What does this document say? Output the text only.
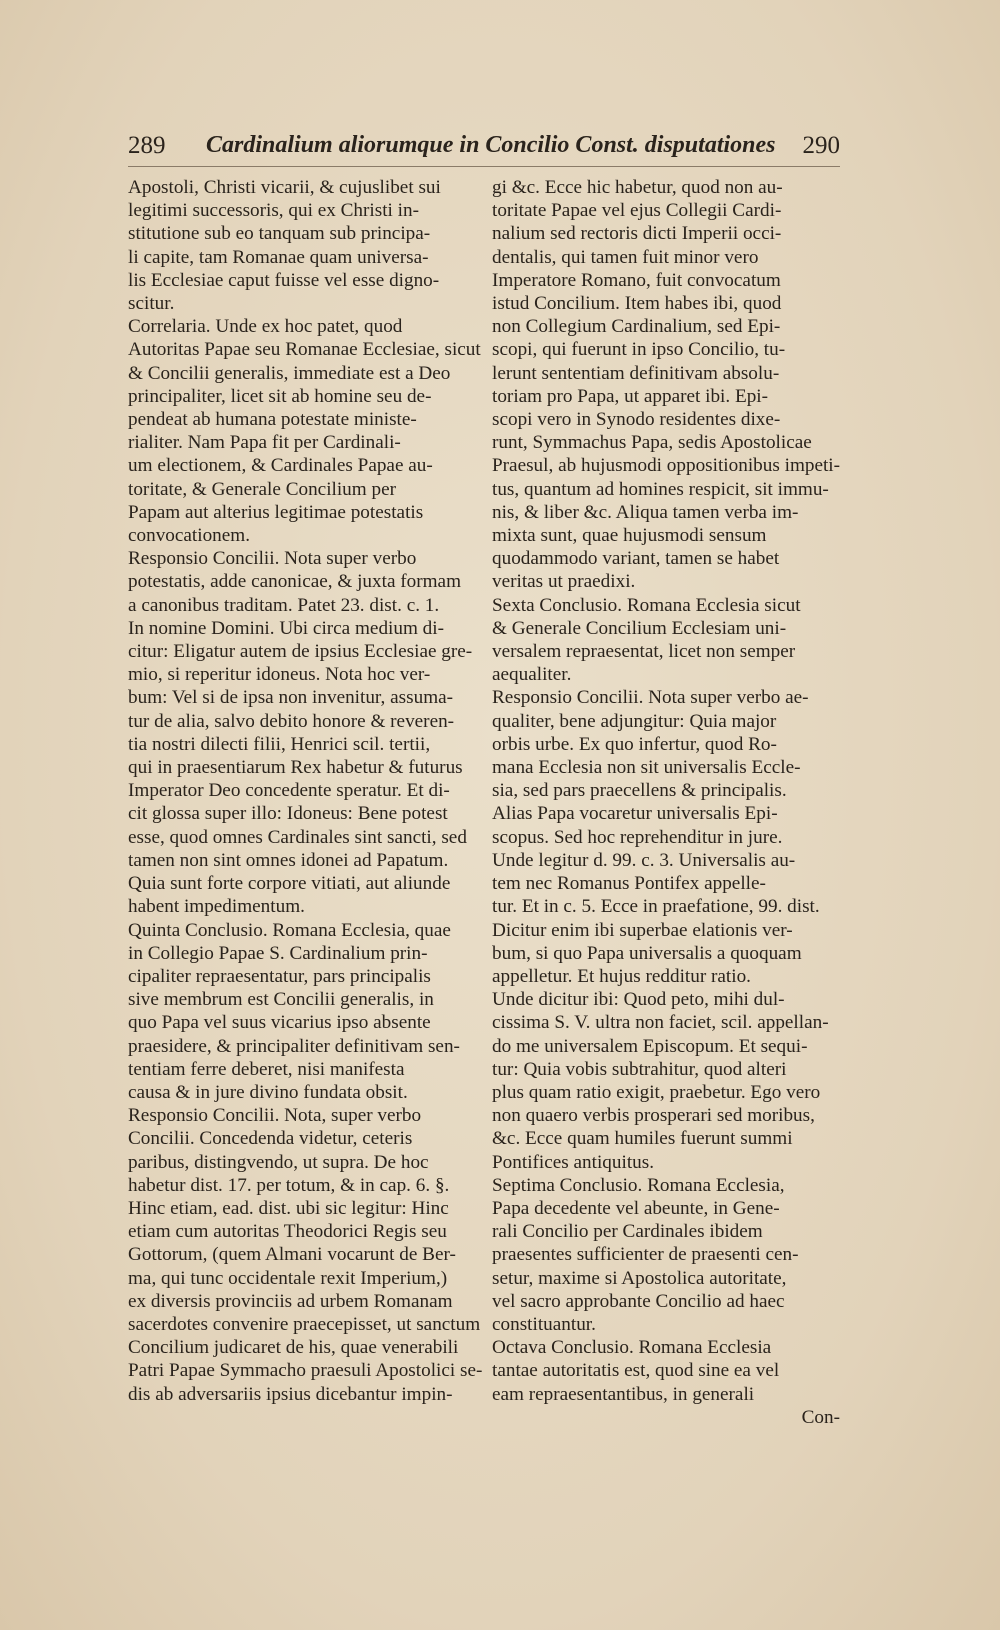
289 Cardinalium aliorumque in Concilio Const. disputationes 290

Apostoli, Christi vicarii, & cujuslibet sui

legitimi successoris, qui ex Christi in-

stitutione sub eo tanquam sub principa-

li capite, tam Romanae quam universa-

lis Ecclesiae caput fuisse vel esse digno-

scitur.

Correlaria. Unde ex hoc patet, quod

Autoritas Papae seu Romanae Ecclesiae, sicut

& Concilii generalis, immediate est a Deo

principaliter, licet sit ab homine seu de-

pendeat ab humana potestate ministe-

rialiter. Nam Papa fit per Cardinali-

um electionem, & Cardinales Papae au-

toritate, & Generale Concilium per

Papam aut alterius legitimae potestatis

convocationem.

Responsio Concilii. Nota super verbo

potestatis, adde canonicae, & juxta formam

a canonibus traditam. Patet 23. dist. c. 1.

In nomine Domini. Ubi circa medium di-

citur: Eligatur autem de ipsius Ecclesiae gre-

mio, si reperitur idoneus. Nota hoc ver-

bum: Vel si de ipsa non invenitur, assuma-

tur de alia, salvo debito honore & reveren-

tia nostri dilecti filii, Henrici scil. tertii,

qui in praesentiarum Rex habetur & futurus

Imperator Deo concedente speratur. Et di-

cit glossa super illo: Idoneus: Bene potest

esse, quod omnes Cardinales sint sancti, sed

tamen non sint omnes idonei ad Papatum.

Quia sunt forte corpore vitiati, aut aliunde

habent impedimentum.

Quinta Conclusio. Romana Ecclesia, quae

in Collegio Papae S. Cardinalium prin-

cipaliter repraesentatur, pars principalis

sive membrum est Concilii generalis, in

quo Papa vel suus vicarius ipso absente

praesidere, & principaliter definitivam sen-

tentiam ferre deberet, nisi manifesta

causa & in jure divino fundata obsit.

Responsio Concilii. Nota, super verbo

Concilii. Concedenda videtur, ceteris

paribus, distingvendo, ut supra. De hoc

habetur dist. 17. per totum, & in cap. 6. §.

Hinc etiam, ead. dist. ubi sic legitur: Hinc

etiam cum autoritas Theodorici Regis seu

Gottorum, (quem Almani vocarunt de Ber-

ma, qui tunc occidentale rexit Imperium,)

ex diversis provinciis ad urbem Romanam

sacerdotes convenire praecepisset, ut sanctum

Concilium judicaret de his, quae venerabili

Patri Papae Symmacho praesuli Apostolici se-

dis ab adversariis ipsius dicebantur impin-

gi &c. Ecce hic habetur, quod non au-

toritate Papae vel ejus Collegii Cardi-

nalium sed rectoris dicti Imperii occi-

dentalis, qui tamen fuit minor vero

Imperatore Romano, fuit convocatum

istud Concilium. Item habes ibi, quod

non Collegium Cardinalium, sed Epi-

scopi, qui fuerunt in ipso Concilio, tu-

lerunt sententiam definitivam absolu-

toriam pro Papa, ut apparet ibi. Epi-

scopi vero in Synodo residentes dixe-

runt, Symmachus Papa, sedis Apostolicae

Praesul, ab hujusmodi oppositionibus impeti-

tus, quantum ad homines respicit, sit immu-

nis, & liber &c. Aliqua tamen verba im-

mixta sunt, quae hujusmodi sensum

quodammodo variant, tamen se habet

veritas ut praedixi.

Sexta Conclusio. Romana Ecclesia sicut

& Generale Concilium Ecclesiam uni-

versalem repraesentat, licet non semper

aequaliter.

Responsio Concilii. Nota super verbo ae-

qualiter, bene adjungitur: Quia major

orbis urbe. Ex quo infertur, quod Ro-

mana Ecclesia non sit universalis Eccle-

sia, sed pars praecellens & principalis.

Alias Papa vocaretur universalis Epi-

scopus. Sed hoc reprehenditur in jure.

Unde legitur d. 99. c. 3. Universalis au-

tem nec Romanus Pontifex appelle-

tur. Et in c. 5. Ecce in praefatione, 99. dist.

Dicitur enim ibi superbae elationis ver-

bum, si quo Papa universalis a quoquam

appelletur. Et hujus redditur ratio.

Unde dicitur ibi: Quod peto, mihi dul-

cissima S. V. ultra non faciet, scil. appellan-

do me universalem Episcopum. Et sequi-

tur: Quia vobis subtrahitur, quod alteri

plus quam ratio exigit, praebetur. Ego vero

non quaero verbis prosperari sed moribus,

&c. Ecce quam humiles fuerunt summi

Pontifices antiquitus.

Septima Conclusio. Romana Ecclesia,

Papa decedente vel abeunte, in Gene-

rali Concilio per Cardinales ibidem

praesentes sufficienter de praesenti cen-

setur, maxime si Apostolica autoritate,

vel sacro approbante Concilio ad haec

constituantur.

Octava Conclusio. Romana Ecclesia

tantae autoritatis est, quod sine ea vel

eam repraesentantibus, in generali

Con-
